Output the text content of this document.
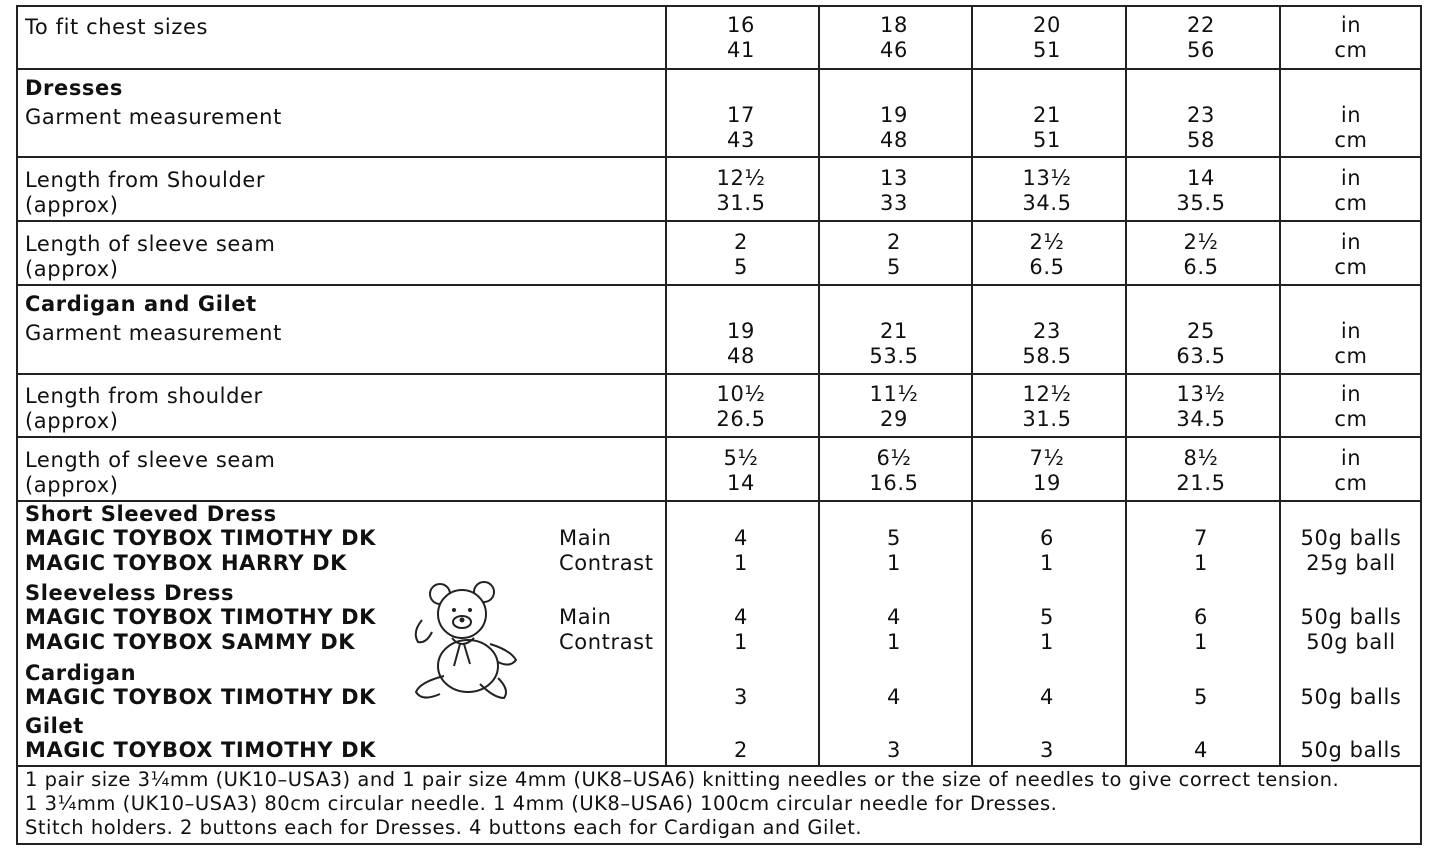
To fit chest sizes	16	18	20	22	in
41	46	51	56	cm
Dresses
Garment measurement	17	19	21	23	in
43	48	51	58	cm
Length from Shoulder
(approx)
12½	13	13½	14	in
31.5	33	34.5	35.5	cm
Length of sleeve seam
(approx)
2	2	2½	2½	in
5	5	6.5	6.5	cm
Cardigan and Gilet
Garment measurement	19	21	23	25	in
48	53.5	58.5	63.5	cm
Length from shoulder
(approx)
10½	11½	12½	13½	in
26.5	29	31.5	34.5	cm
Length of sleeve seam
(approx)
5½	6½	7½	8½	in
14	16.5	19	21.5	cm
Short Sleeved Dress
MAGIC TOYBOX TIMOTHY DK	Main	4	5	6	7	50g balls
MAGIC TOYBOX HARRY DK	Contrast	1	1	1	1	25g ball
Sleeveless Dress
MAGIC TOYBOX TIMOTHY DK	Main	4	4	5	6	50g balls
MAGIC TOYBOX SAMMY DK	Contrast	1	1	1	1	50g ball
Cardigan
MAGIC TOYBOX TIMOTHY DK	3	4	4	5	50g balls
Gilet
MAGIC TOYBOX TIMOTHY DK	2	3	3	4	50g balls
1 pair size 3¼mm (UK10–USA3) and 1 pair size 4mm (UK8–USA6) knitting needles or the size of needles to give correct tension.
1 3¼mm (UK10–USA3) 80cm circular needle. 1 4mm (UK8–USA6) 100cm circular needle for Dresses.
Stitch holders. 2 buttons each for Dresses. 4 buttons each for Cardigan and Gilet.
